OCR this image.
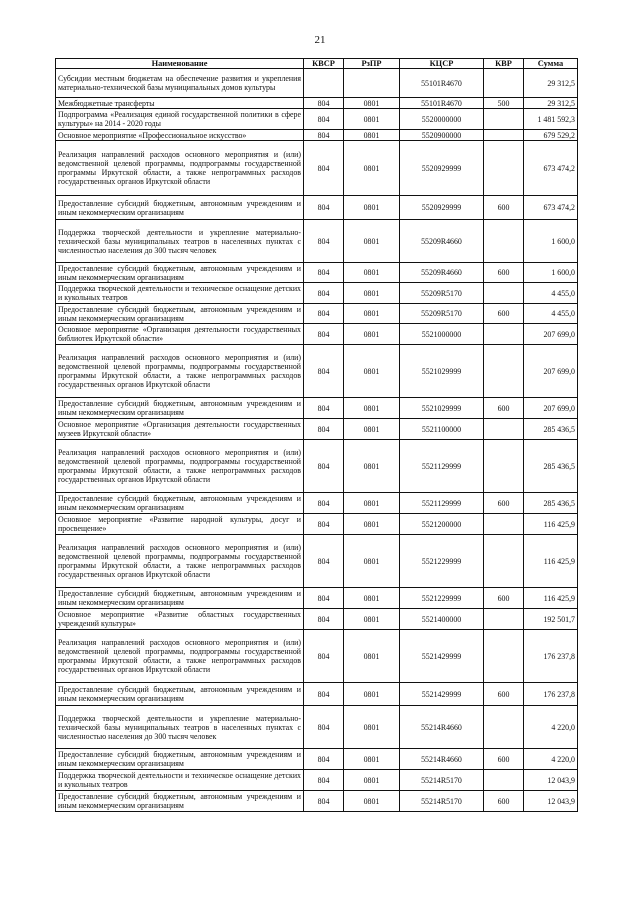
21
Наименование	КВСР	РзПР	КЦСР	КВР	Сумма
Субсидии местным бюджетам на обеспечение развития и укрепления материально-технической базы муниципальных домов культуры			55101R4670		29 312,5
Межбюджетные трансферты	804	0801	55101R4670	500	29 312,5
Подпрограмма «Реализация единой государственной политики в сфере культуры» на 2014 - 2020 годы	804	0801	5520000000		1 481 592,3
Основное мероприятие «Профессиональное искусство»	804	0801	5520900000		679 529,2
Реализация направлений расходов основного мероприятия и (или) ведомственной целевой программы, подпрограммы государственной программы Иркутской области, а также непрограммных расходов государственных органов Иркутской области	804	0801	5520929999		673 474,2
Предоставление субсидий бюджетным, автономным учреждениям и иным некоммерческим организациям	804	0801	5520929999	600	673 474,2
Поддержка творческой деятельности и укрепление материально-технической базы муниципальных театров в населенных пунктах с численностью населения до 300 тысяч человек	804	0801	55209R4660		1 600,0
Предоставление субсидий бюджетным, автономным учреждениям и иным некоммерческим организациям	804	0801	55209R4660	600	1 600,0
Поддержка творческой деятельности и техническое оснащение детских и кукольных театров	804	0801	55209R5170		4 455,0
Предоставление субсидий бюджетным, автономным учреждениям и иным некоммерческим организациям	804	0801	55209R5170	600	4 455,0
Основное мероприятие «Организация деятельности государственных библиотек Иркутской области»	804	0801	5521000000		207 699,0
Реализация направлений расходов основного мероприятия и (или) ведомственной целевой программы, подпрограммы государственной программы Иркутской области, а также непрограммных расходов государственных органов Иркутской области	804	0801	5521029999		207 699,0
Предоставление субсидий бюджетным, автономным учреждениям и иным некоммерческим организациям	804	0801	5521029999	600	207 699,0
Основное мероприятие «Организация деятельности государственных музеев Иркутской области»	804	0801	5521100000		285 436,5
Реализация направлений расходов основного мероприятия и (или) ведомственной целевой программы, подпрограммы государственной программы Иркутской области, а также непрограммных расходов государственных органов Иркутской области	804	0801	5521129999		285 436,5
Предоставление субсидий бюджетным, автономным учреждениям и иным некоммерческим организациям	804	0801	5521129999	600	285 436,5
Основное мероприятие «Развитие народной культуры, досуг и просвещение»	804	0801	5521200000		116 425,9
Реализация направлений расходов основного мероприятия и (или) ведомственной целевой программы, подпрограммы государственной программы Иркутской области, а также непрограммных расходов государственных органов Иркутской области	804	0801	5521229999		116 425,9
Предоставление субсидий бюджетным, автономным учреждениям и иным некоммерческим организациям	804	0801	5521229999	600	116 425,9
Основное мероприятие «Развитие областных государственных учреждений культуры»	804	0801	5521400000		192 501,7
Реализация направлений расходов основного мероприятия и (или) ведомственной целевой программы, подпрограммы государственной программы Иркутской области, а также непрограммных расходов государственных органов Иркутской области	804	0801	5521429999		176 237,8
Предоставление субсидий бюджетным, автономным учреждениям и иным некоммерческим организациям	804	0801	5521429999	600	176 237,8
Поддержка творческой деятельности и укрепление материально-технической базы муниципальных театров в населенных пунктах с численностью населения до 300 тысяч человек	804	0801	55214R4660		4 220,0
Предоставление субсидий бюджетным, автономным учреждениям и иным некоммерческим организациям	804	0801	55214R4660	600	4 220,0
Поддержка творческой деятельности и техническое оснащение детских и кукольных театров	804	0801	55214R5170		12 043,9
Предоставление субсидий бюджетным, автономным учреждениям и иным некоммерческим организациям	804	0801	55214R5170	600	12 043,9
